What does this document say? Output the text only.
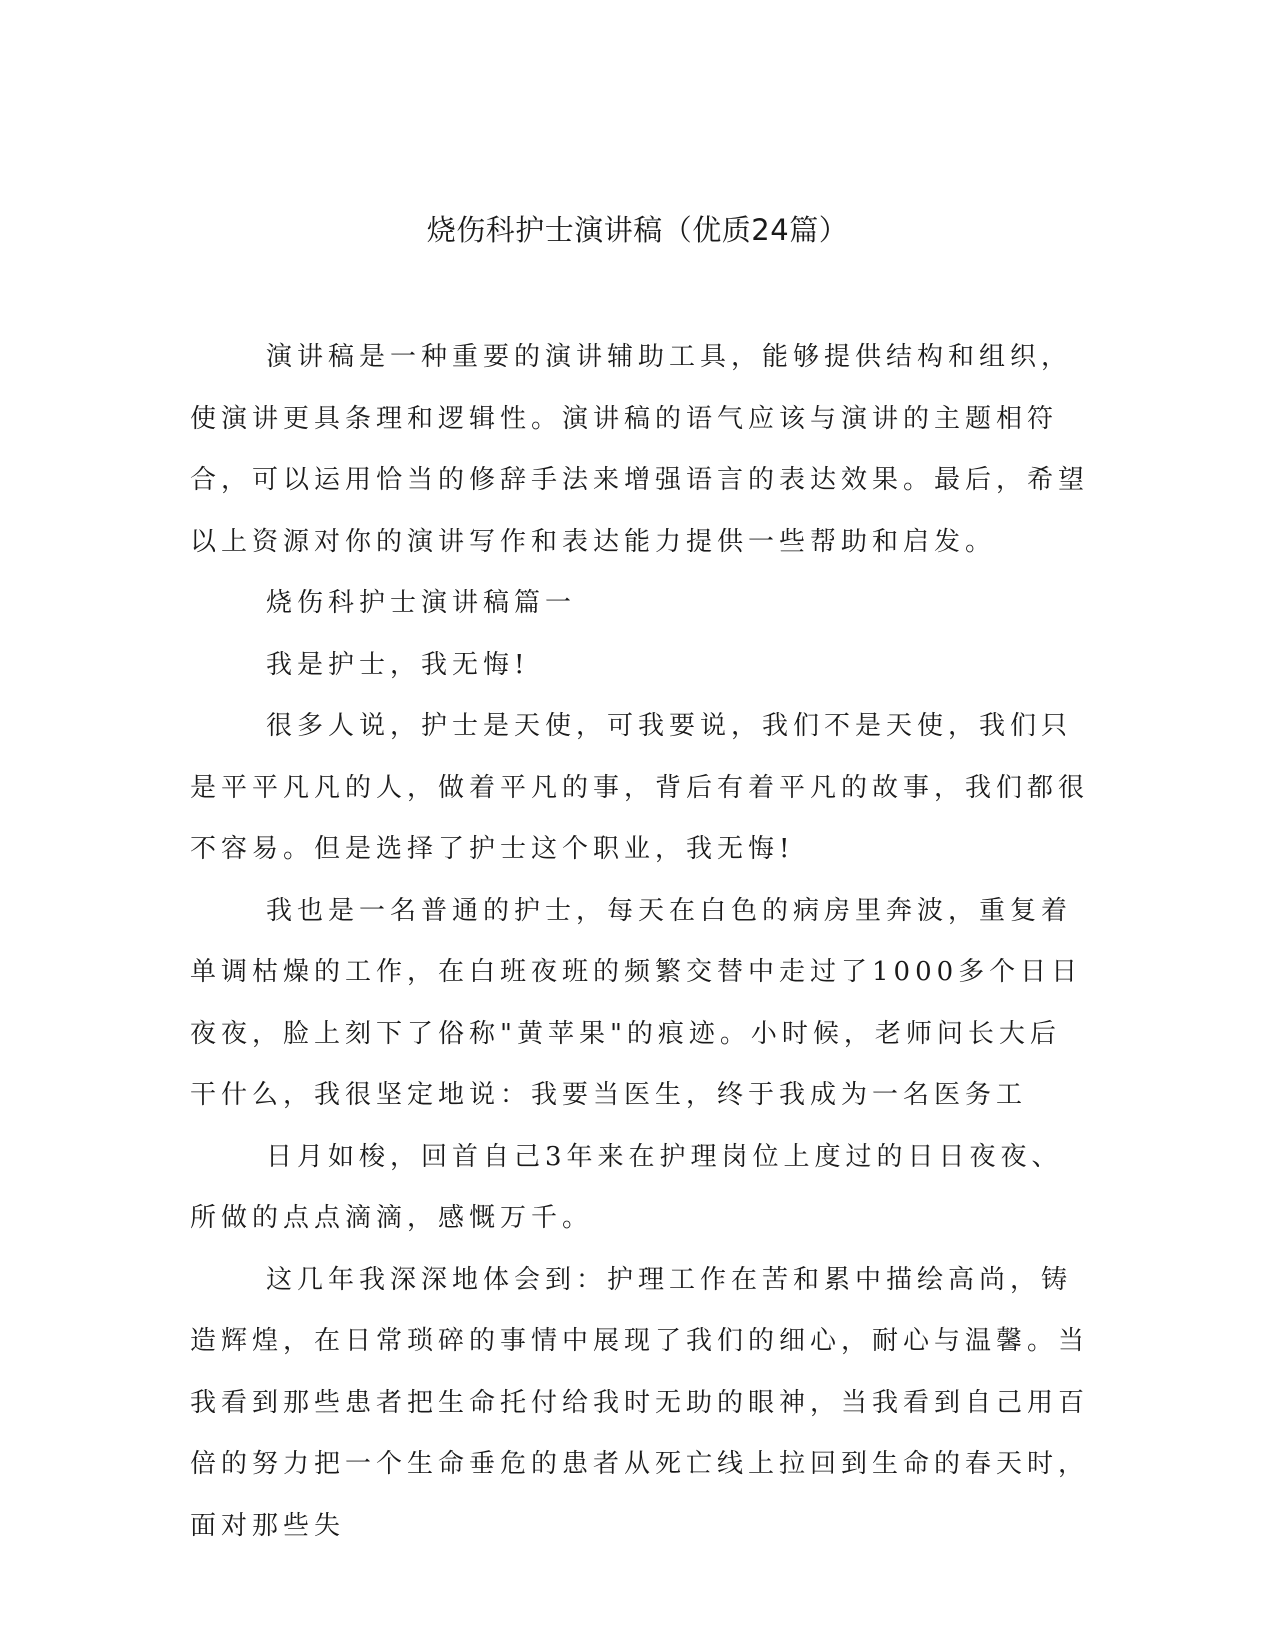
烧伤科护士演讲稿（优质24篇）

演讲稿是一种重要的演讲辅助工具，能够提供结构和组织，使演讲更具条理和逻辑性。演讲稿的语气应该与演讲的主题相符合，可以运用恰当的修辞手法来增强语言的表达效果。最后，希望以上资源对你的演讲写作和表达能力提供一些帮助和启发。

烧伤科护士演讲稿篇一

我是护士，我无悔!

很多人说，护士是天使，可我要说，我们不是天使，我们只是平平凡凡的人，做着平凡的事，背后有着平凡的故事，我们都很不容易。但是选择了护士这个职业，我无悔!

我也是一名普通的护士，每天在白色的病房里奔波，重复着单调枯燥的工作，在白班夜班的频繁交替中走过了1000多个日日夜夜，脸上刻下了俗称"黄苹果"的痕迹。小时候，老师问长大后干什么，我很坚定地说：我要当医生，终于我成为一名医务工

日月如梭，回首自己3年来在护理岗位上度过的日日夜夜、所做的点点滴滴，感慨万千。

这几年我深深地体会到：护理工作在苦和累中描绘高尚，铸造辉煌，在日常琐碎的事情中展现了我们的细心，耐心与温馨。当我看到那些患者把生命托付给我时无助的眼神，当我看到自己用百倍的努力把一个生命垂危的患者从死亡线上拉回到生命的春天时，面对那些失
